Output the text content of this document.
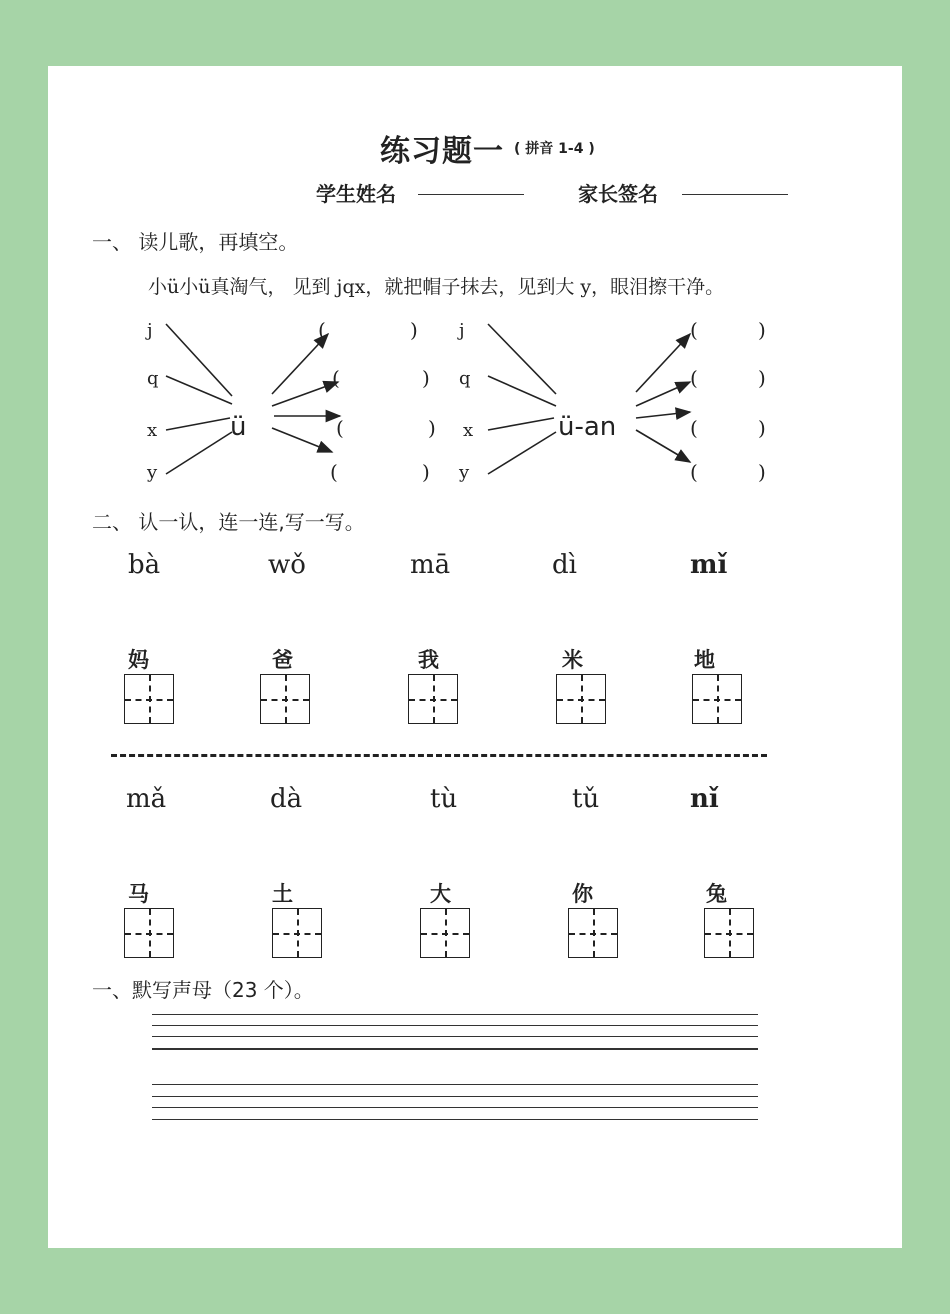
练习题一 ( 拼音 1-4 )
学生姓名	家长签名
一、 读儿歌，再填空。
小ü小ü真淘气， 见到 jqx，就把帽子抹去，见到大 y，眼泪擦干净。
j
q
x
y
ü
(	)
(	)
(	)
(	)
j
q
x
y
ü-an
(	)
(	)
(	)
(	)
二、 认一认，连一连,写一写。
bà	wǒ	mā	dì	mǐ
妈	爸	我	米	地
mǎ	dà	tù	tǔ	nǐ
马	土	大	你	兔
一、默写声母（23 个）。
